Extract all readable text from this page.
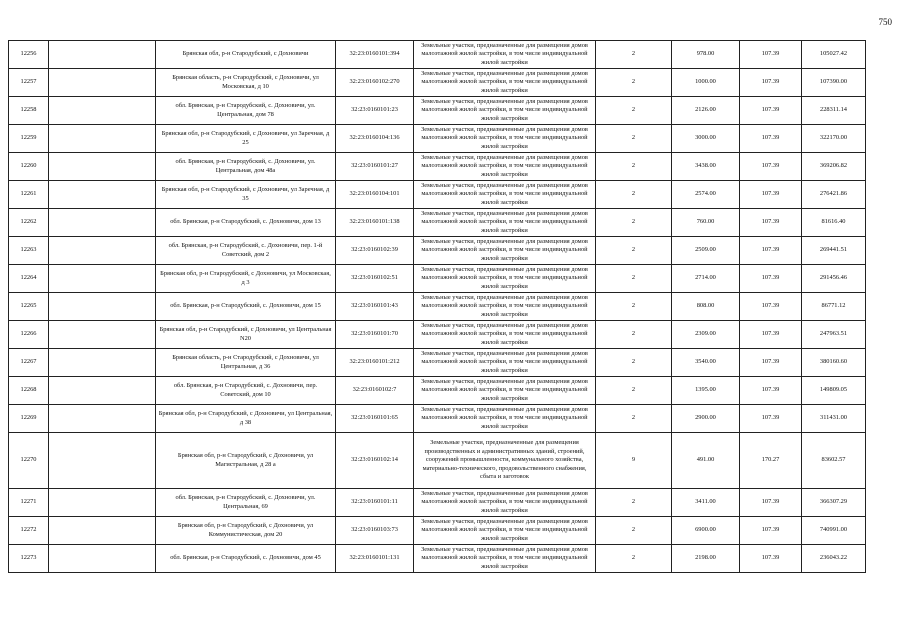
750
12256		Брянская обл, р-н Стародубский, с Дохновичи	32:23:0160101:394	Земельные участки, предназначенные для размещения домов малоэтажной жилой застройки, в том числе индивидуальной жилой застройки	2	978.00	107.39	105027.42
12257		Брянская область, р-н Стародубский, с Дохновичи, ул Московская, д 10	32:23:0160102:270	Земельные участки, предназначенные для размещения домов малоэтажной жилой застройки, в том числе индивидуальной жилой застройки	2	1000.00	107.39	107390.00
12258		обл. Брянская, р-н Стародубский, с. Дохновичи, ул. Центральная, дом 78	32:23:0160101:23	Земельные участки, предназначенные для размещения домов малоэтажной жилой застройки, в том числе индивидуальной жилой застройки	2	2126.00	107.39	228311.14
12259		Брянская обл, р-н Стародубский, с Дохновичи, ул Заречная, д 25	32:23:0160104:136	Земельные участки, предназначенные для размещения домов малоэтажной жилой застройки, в том числе индивидуальной жилой застройки	2	3000.00	107.39	322170.00
12260		обл. Брянская, р-н Стародубский, с. Дохновичи, ул. Центральная, дом 48а	32:23:0160101:27	Земельные участки, предназначенные для размещения домов малоэтажной жилой застройки, в том числе индивидуальной жилой застройки	2	3438.00	107.39	369206.82
12261		Брянская обл, р-н Стародубский, с Дохновичи, ул Заречная, д 35	32:23:0160104:101	Земельные участки, предназначенные для размещения домов малоэтажной жилой застройки, в том числе индивидуальной жилой застройки	2	2574.00	107.39	276421.86
12262		обл. Брянская, р-н Стародубский, с. Дохновичи, дом 13	32:23:0160101:138	Земельные участки, предназначенные для размещения домов малоэтажной жилой застройки, в том числе индивидуальной жилой застройки	2	760.00	107.39	81616.40
12263		обл. Брянская, р-н Стародубский, с. Дохновичи, пер. 1-й Советский, дом 2	32:23:0160102:39	Земельные участки, предназначенные для размещения домов малоэтажной жилой застройки, в том числе индивидуальной жилой застройки	2	2509.00	107.39	269441.51
12264		Брянская обл, р-н Стародубский, с Дохновичи, ул Московская, д 3	32:23:0160102:51	Земельные участки, предназначенные для размещения домов малоэтажной жилой застройки, в том числе индивидуальной жилой застройки	2	2714.00	107.39	291456.46
12265		обл. Брянская, р-н Стародубский, с. Дохновичи, дом 15	32:23:0160101:43	Земельные участки, предназначенные для размещения домов малоэтажной жилой застройки, в том числе индивидуальной жилой застройки	2	808.00	107.39	86771.12
12266		Брянская обл, р-н Стародубский, с Дохновичи, ул Центральная N20	32:23:0160101:70	Земельные участки, предназначенные для размещения домов малоэтажной жилой застройки, в том числе индивидуальной жилой застройки	2	2309.00	107.39	247963.51
12267		Брянская область, р-н Стародубский, с Дохновичи, ул Центральная, д 36	32:23:0160101:212	Земельные участки, предназначенные для размещения домов малоэтажной жилой застройки, в том числе индивидуальной жилой застройки	2	3540.00	107.39	380160.60
12268		обл. Брянская, р-н Стародубский, с. Дохновичи, пер. Советский, дом 10	32:23:0160102:7	Земельные участки, предназначенные для размещения домов малоэтажной жилой застройки, в том числе индивидуальной жилой застройки	2	1395.00	107.39	149809.05
12269		Брянская обл, р-н Стародубский, с Дохновичи, ул Центральная, д 38	32:23:0160101:65	Земельные участки, предназначенные для размещения домов малоэтажной жилой застройки, в том числе индивидуальной жилой застройки	2	2900.00	107.39	311431.00
12270		Брянская обл, р-н Стародубский, с Дохновичи, ул Магистральная, д 28 а	32:23:0160102:14	Земельные участки, предназначенные для размещения производственных и административных зданий, строений, сооружений промышленности, коммунального хозяйства, материально-технического, продовольственного снабжения, сбыта и заготовок	9	491.00	170.27	83602.57
12271		обл. Брянская, р-н Стародубский, с. Дохновичи, ул. Центральная, 69	32:23:0160101:11	Земельные участки, предназначенные для размещения домов малоэтажной жилой застройки, в том числе индивидуальной жилой застройки	2	3411.00	107.39	366307.29
12272		Брянская обл, р-н Стародубский, с Дохновичи, ул Коммунистическая, дом 20	32:23:0160103:73	Земельные участки, предназначенные для размещения домов малоэтажной жилой застройки, в том числе индивидуальной жилой застройки	2	6900.00	107.39	740991.00
12273		обл. Брянская, р-н Стародубский, с. Дохновичи, дом 45	32:23:0160101:131	Земельные участки, предназначенные для размещения домов малоэтажной жилой застройки, в том числе индивидуальной жилой застройки	2	2198.00	107.39	236043.22
